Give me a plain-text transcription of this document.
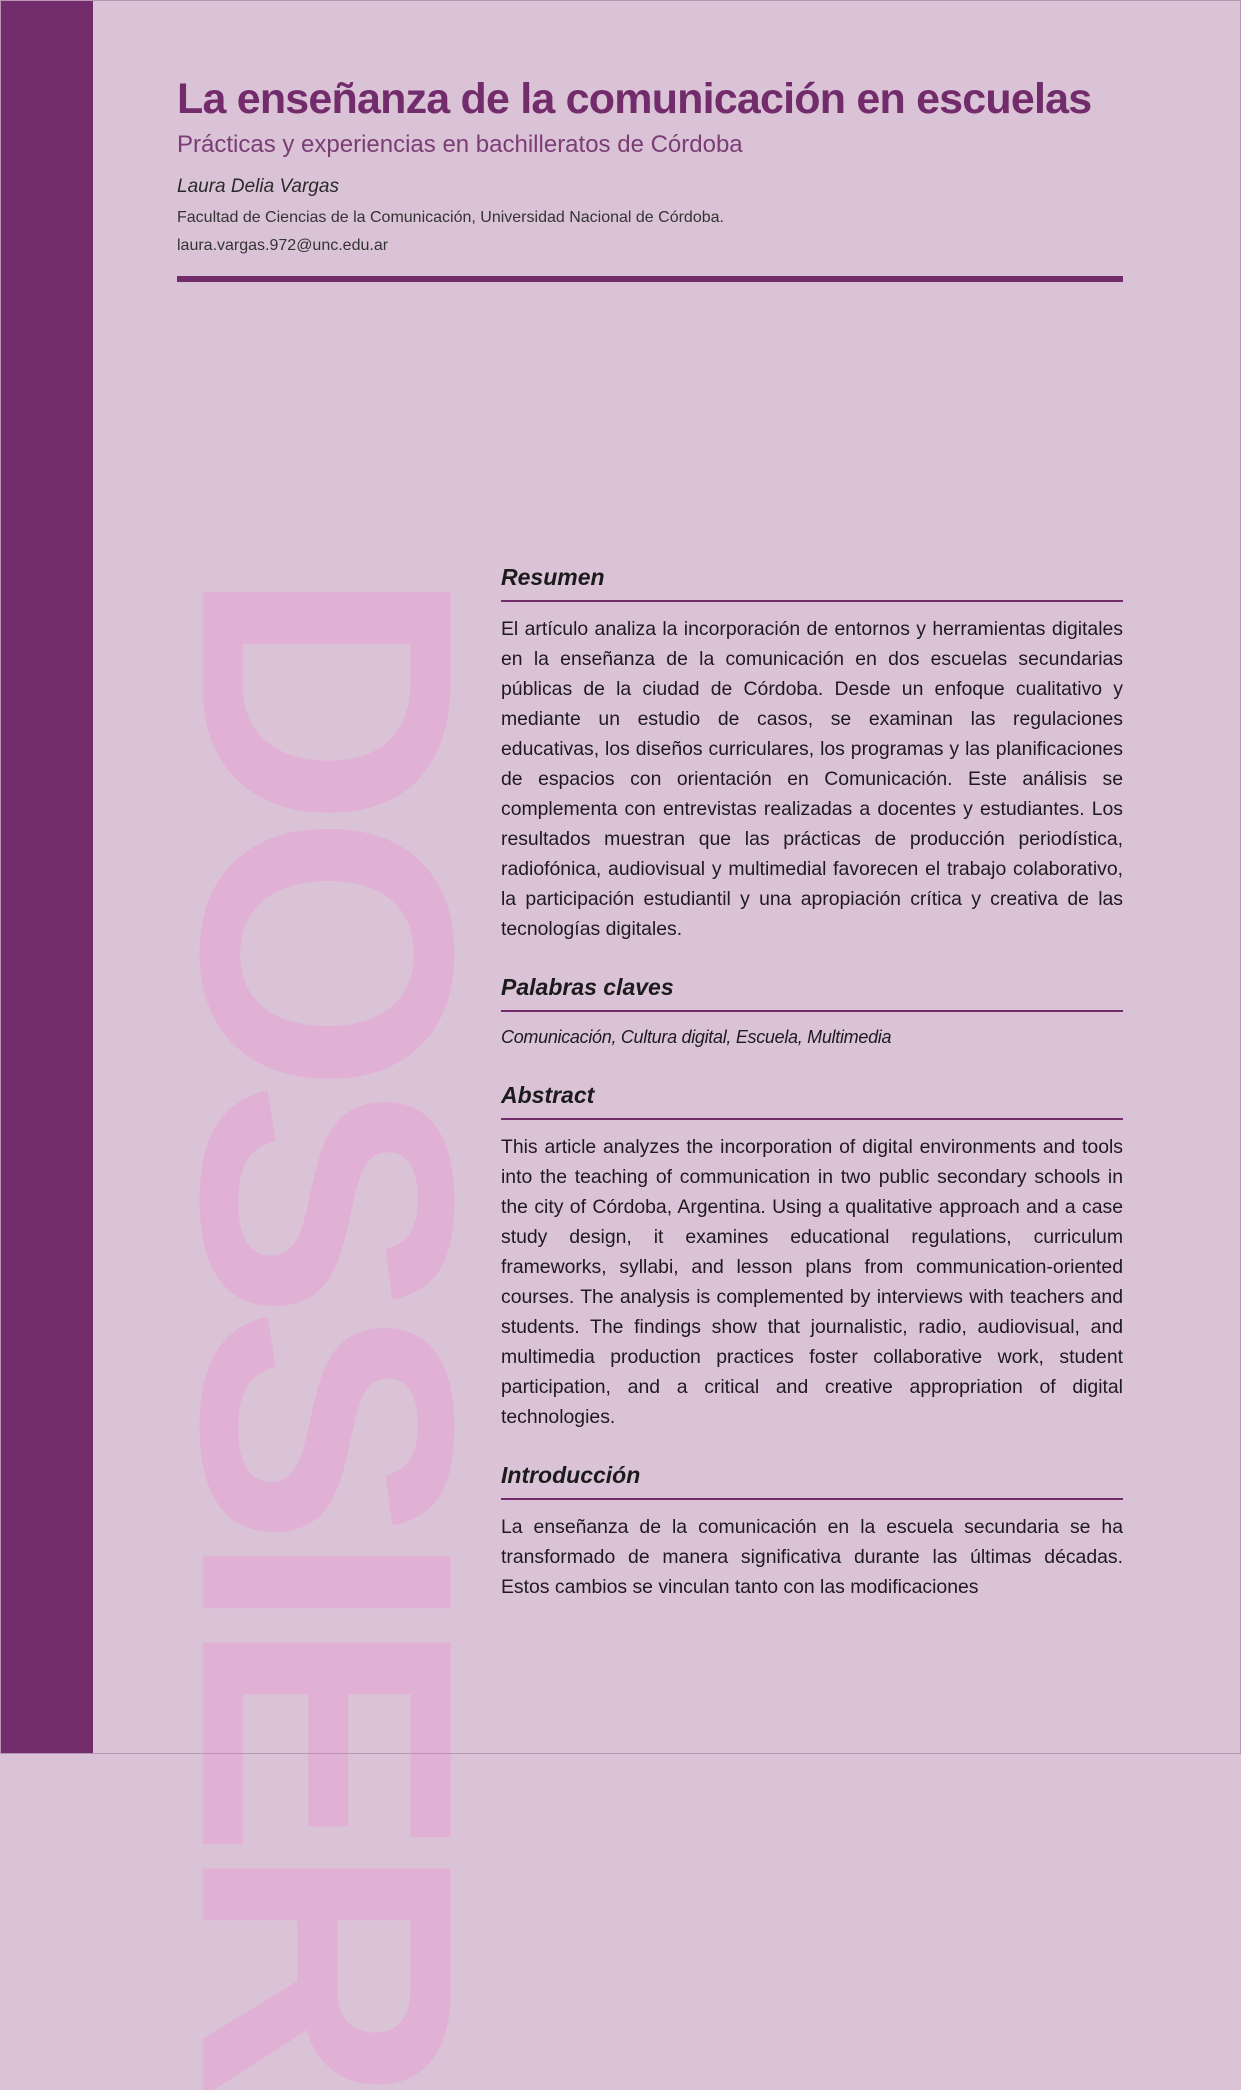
La enseñanza de la comunicación en escuelas
Prácticas y experiencias en bachilleratos de Córdoba
Laura Delia Vargas
Facultad de Ciencias de la Comunicación, Universidad Nacional de Córdoba.
laura.vargas.972@unc.edu.ar
DOSSIER
Resumen

El artículo analiza la incorporación de entornos y herramientas digitales en la enseñanza de la comunicación en dos escuelas secundarias públicas de la ciudad de Córdoba. Desde un enfoque cualitativo y mediante un estudio de casos, se examinan las regulaciones educativas, los diseños curriculares, los programas y las planificaciones de espacios con orientación en Comunicación. Este análisis se complementa con entrevistas realizadas a docentes y estudiantes. Los resultados muestran que las prácticas de producción periodística, radiofónica, audiovisual y multimedial favorecen el trabajo colaborativo, la participación estudiantil y una apropiación crítica y creativa de las tecnologías digitales.

Palabras claves
Comunicación, Cultura digital, Escuela, Multimedia
Abstract

This article analyzes the incorporation of digital environments and tools into the teaching of communication in two public secondary schools in the city of Córdoba, Argentina. Using a qualitative approach and a case study design, it examines educational regulations, curriculum frameworks, syllabi, and lesson plans from communication-oriented courses. The analysis is complemented by interviews with teachers and students. The findings show that journalistic, radio, audiovisual, and multimedia production practices foster collaborative work, student participation, and a critical and creative appropriation of digital technologies.

Introducción

La enseñanza de la comunicación en la escuela secundaria se ha transformado de manera significativa durante las últimas décadas. Estos cambios se vinculan tanto con las modificaciones
